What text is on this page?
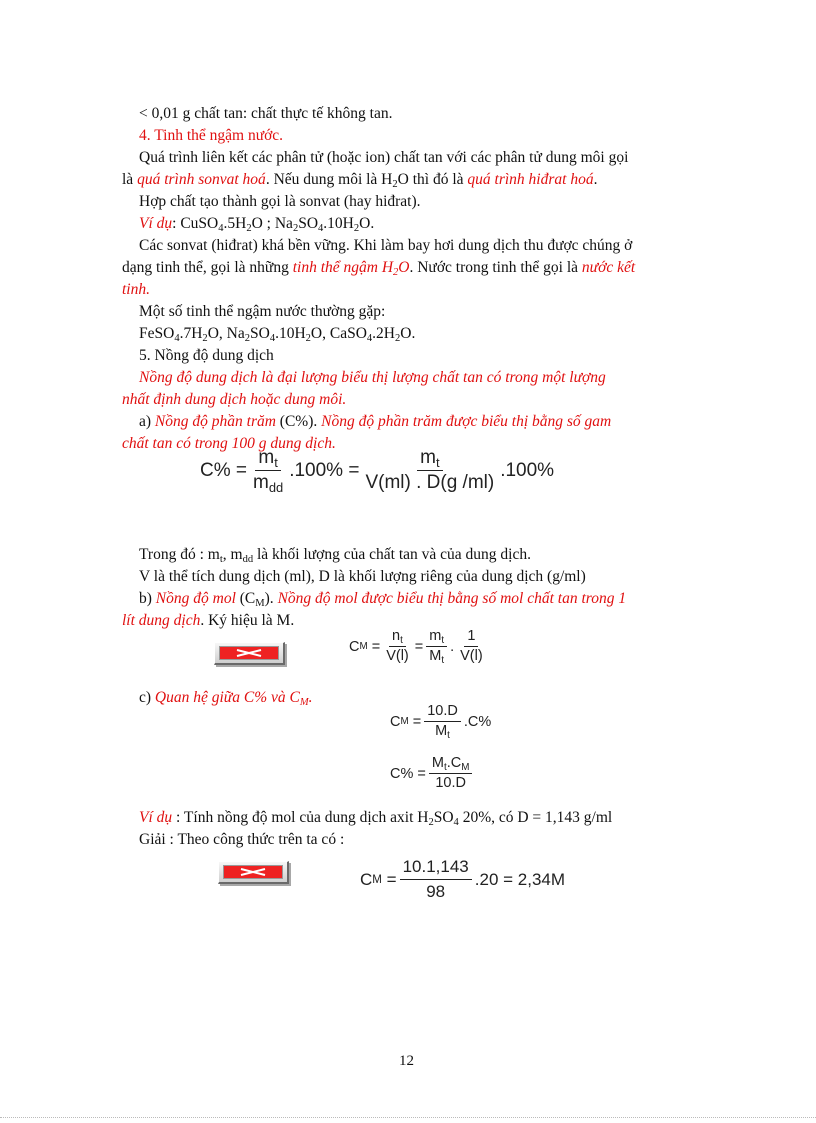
< 0,01 g chất tan: chất thực tế không tan.
4. Tinh thể ngậm nước.
Quá trình liên kết các phân tử (hoặc ion) chất tan với các phân tử dung môi gọi
là quá trình sonvat hoá. Nếu dung môi là $H_2O$ thì đó là quá trình hiđrat hoá.
Hợp chất tạo thành gọi là sonvat (hay hiđrat).
Ví dụ: $CuSO_4.5H_2O$ ; $Na_2SO_4.10H_2O$.
Các sonvat (hiđrat) khá bền vững. Khi làm bay hơi dung dịch thu được chúng ở
dạng tinh thể, gọi là những tinh thể ngậm $H_2O$. Nước trong tinh thể gọi là nước kết
tinh.
Một số tinh thể ngậm nước thường gặp:
$FeSO_4.7H_2O$, $Na_2SO_4.10H_2O$, $CaSO_4.2H_2O$.
5. Nồng độ dung dịch
Nồng độ dung dịch là đại lượng biểu thị lượng chất tan có trong một lượng
nhất định dung dịch hoặc dung môi.
a) Nồng độ phần trăm (C%). Nồng độ phần trăm được biểu thị bằng số gam
chất tan có trong 100 g dung dịch.
$C\% = \frac{m_t}{m_{dd}} .100\% = \frac{m_t}{V(ml) . D(g /ml)} .100\%$
Trong đó : $m_t$, $m_{dd}$ là khối lượng của chất tan và của dung dịch.
V là thể tích dung dịch (ml), D là khối lượng riêng của dung dịch (g/ml)
b) Nồng độ mol $(C_M)$. Nồng độ mol được biểu thị bằng số mol chất tan trong 1
lít dung dịch. Ký hiệu là M.
C M
= $\frac{n_t}{V(l)} = \frac{m_t}{M_t}$ . $\frac{1}{V(l)}$
c) Quan hệ giữa C% và $C_M$.
C M
= $\frac{10.D}{M_t} .C\%$
$C\% = \frac{M_t.C_M}{10.D}$
Ví dụ : Tính nồng độ mol của dung dịch axit $H_2SO_4$ 20%, có D = 1,143 g/ml
Giải : Theo công thức trên ta có :
C M
= $\frac{10.1,143}{98} .20 = 2,34M$
12
